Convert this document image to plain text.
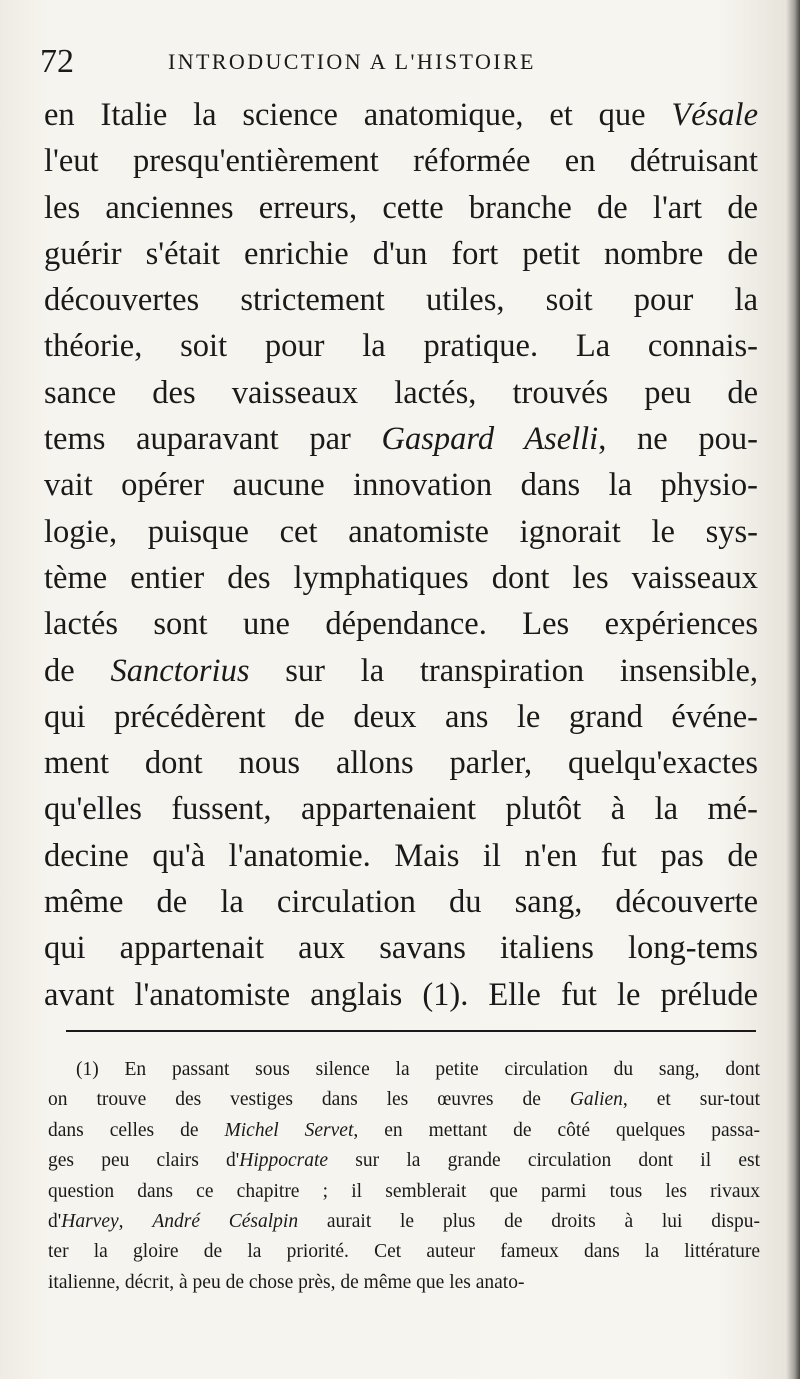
72	INTRODUCTION A L'HISTOIRE
en Italie la science anatomique, et que Vésale
l'eut presqu'entièrement réformée en détruisant
les anciennes erreurs, cette branche de l'art de
guérir s'était enrichie d'un fort petit nombre de
découvertes strictement utiles, soit pour la
théorie, soit pour la pratique. La connais-
sance des vaisseaux lactés, trouvés peu de
tems auparavant par Gaspard Aselli, ne pou-
vait opérer aucune innovation dans la physio-
logie, puisque cet anatomiste ignorait le sys-
tème entier des lymphatiques dont les vaisseaux
lactés sont une dépendance. Les expériences
de Sanctorius sur la transpiration insensible,
qui précédèrent de deux ans le grand événe-
ment dont nous allons parler, quelqu'exactes
qu'elles fussent, appartenaient plutôt à la mé-
decine qu'à l'anatomie. Mais il n'en fut pas de
même de la circulation du sang, découverte
qui appartenait aux savans italiens long-tems
avant l'anatomiste anglais (1). Elle fut le prélude
(1) En passant sous silence la petite circulation du sang, dont
on trouve des vestiges dans les œuvres de Galien, et sur-tout
dans celles de Michel Servet, en mettant de côté quelques passa-
ges peu clairs d'Hippocrate sur la grande circulation dont il est
question dans ce chapitre ; il semblerait que parmi tous les rivaux
d'Harvey, André Césalpin aurait le plus de droits à lui dispu-
ter la gloire de la priorité. Cet auteur fameux dans la littérature
italienne, décrit, à peu de chose près, de même que les anato-
